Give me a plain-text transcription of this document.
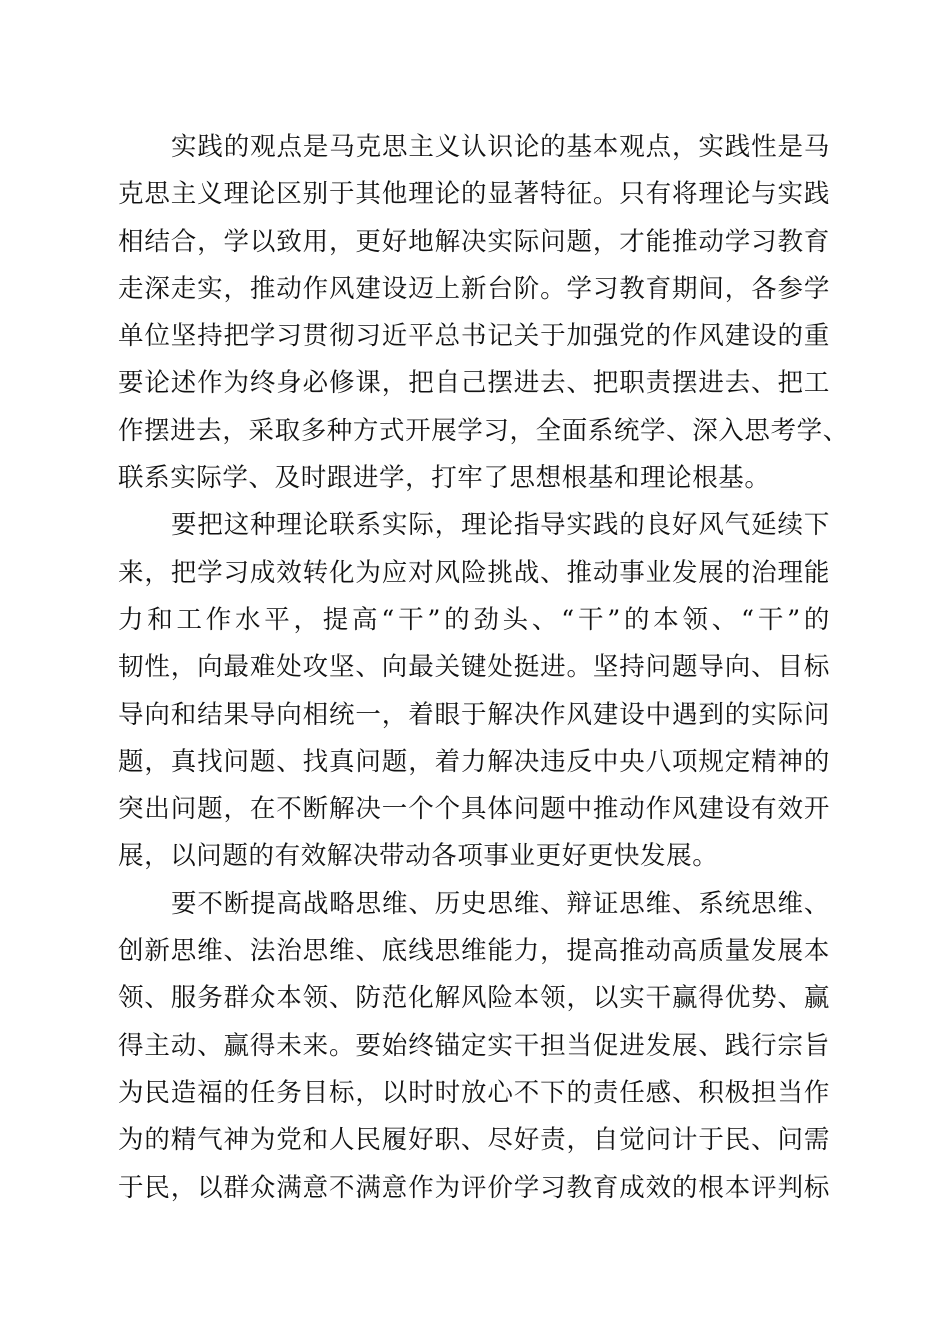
实践的观点是马克思主义认识论的基本观点，实践性是马
克思主义理论区别于其他理论的显著特征。只有将理论与实践
相结合，学以致用，更好地解决实际问题，才能推动学习教育
走深走实，推动作风建设迈上新台阶。学习教育期间，各参学
单位坚持把学习贯彻习近平总书记关于加强党的作风建设的重
要论述作为终身必修课，把自己摆进去、把职责摆进去、把工
作摆进去，采取多种方式开展学习，全面系统学、深入思考学、
联系实际学、及时跟进学，打牢了思想根基和理论根基。
要把这种理论联系实际，理论指导实践的良好风气延续下
来，把学习成效转化为应对风险挑战、推动事业发展的治理能
力和工作水平，提高“干”的劲头、“干”的本领、“干”的
韧性，向最难处攻坚、向最关键处挺进。坚持问题导向、目标
导向和结果导向相统一，着眼于解决作风建设中遇到的实际问
题，真找问题、找真问题，着力解决违反中央八项规定精神的
突出问题，在不断解决一个个具体问题中推动作风建设有效开
展，以问题的有效解决带动各项事业更好更快发展。
要不断提高战略思维、历史思维、辩证思维、系统思维、
创新思维、法治思维、底线思维能力，提高推动高质量发展本
领、服务群众本领、防范化解风险本领，以实干赢得优势、赢
得主动、赢得未来。要始终锚定实干担当促进发展、践行宗旨
为民造福的任务目标，以时时放心不下的责任感、积极担当作
为的精气神为党和人民履好职、尽好责，自觉问计于民、问需
于民，以群众满意不满意作为评价学习教育成效的根本评判标
